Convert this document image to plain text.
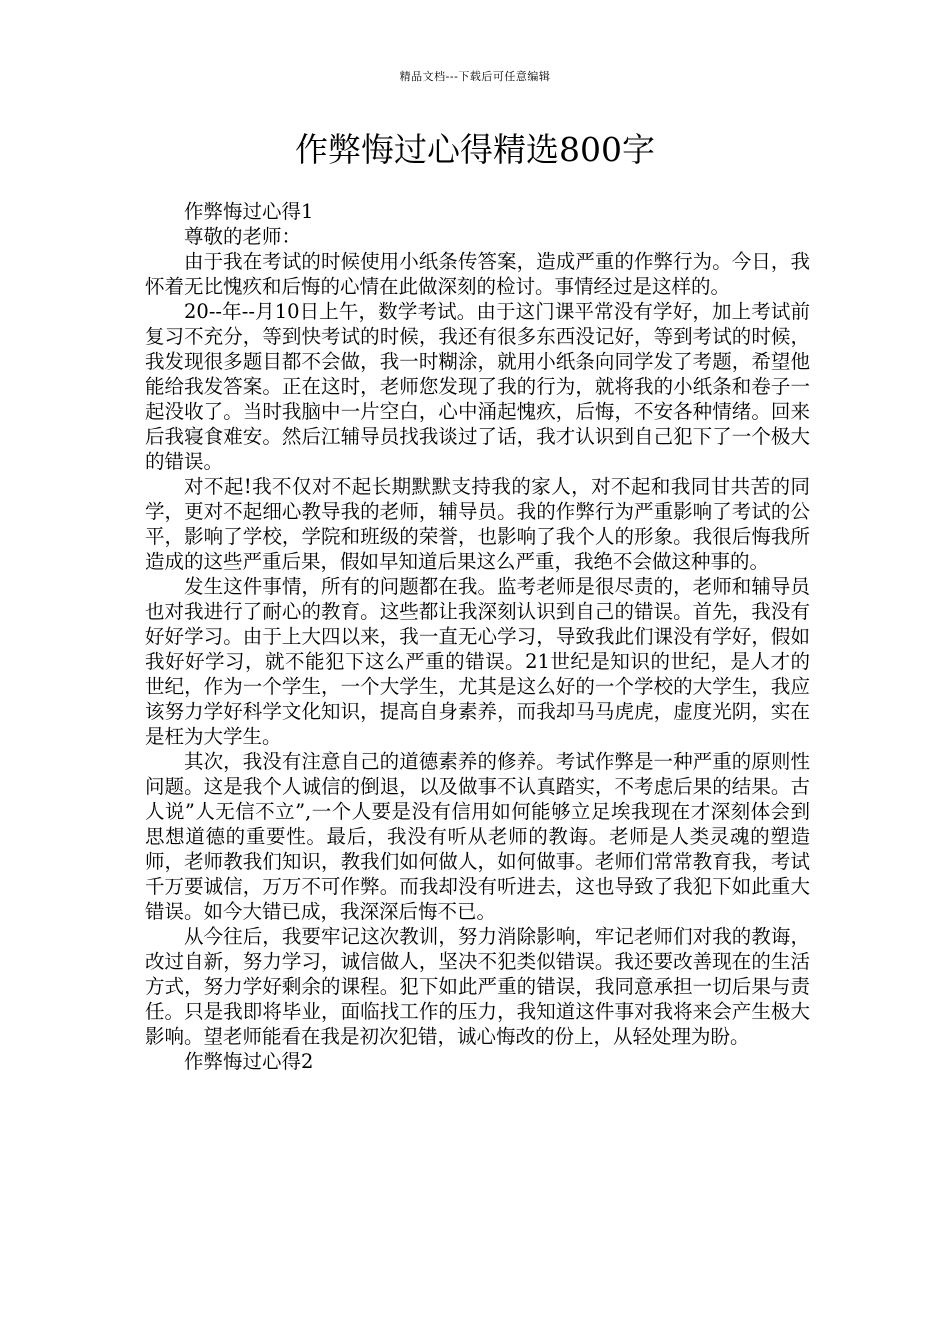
精品文档---下载后可任意编辑
作弊悔过心得精选800字

作弊悔过心得1

尊敬的老师：

由于我在考试的时候使用小纸条传答案，造成严重的作弊行为。今日，我怀着无比愧疚和后悔的心情在此做深刻的检讨。事情经过是这样的。

20--年--月10日上午，数学考试。由于这门课平常没有学好，加上考试前复习不充分，等到快考试的时候，我还有很多东西没记好，等到考试的时候，我发现很多题目都不会做，我一时糊涂，就用小纸条向同学发了考题，希望他能给我发答案。正在这时，老师您发现了我的行为，就将我的小纸条和卷子一起没收了。当时我脑中一片空白，心中涌起愧疚，后悔，不安各种情绪。回来后我寝食难安。然后江辅导员找我谈过了话，我才认识到自己犯下了一个极大的错误。

对不起!我不仅对不起长期默默支持我的家人，对不起和我同甘共苦的同学，更对不起细心教导我的老师，辅导员。我的作弊行为严重影响了考试的公平，影响了学校，学院和班级的荣誉，也影响了我个人的形象。我很后悔我所造成的这些严重后果，假如早知道后果这么严重，我绝不会做这种事的。

发生这件事情，所有的问题都在我。监考老师是很尽责的，老师和辅导员也对我进行了耐心的教育。这些都让我深刻认识到自己的错误。首先，我没有好好学习。由于上大四以来，我一直无心学习，导致我此们课没有学好，假如我好好学习，就不能犯下这么严重的错误。21世纪是知识的世纪，是人才的世纪，作为一个学生，一个大学生，尤其是这么好的一个学校的大学生，我应该努力学好科学文化知识，提高自身素养，而我却马马虎虎，虚度光阴，实在是枉为大学生。

其次，我没有注意自己的道德素养的修养。考试作弊是一种严重的原则性问题。这是我个人诚信的倒退，以及做事不认真踏实，不考虑后果的结果。古人说”人无信不立”,一个人要是没有信用如何能够立足埃我现在才深刻体会到思想道德的重要性。最后，我没有听从老师的教诲。老师是人类灵魂的塑造师，老师教我们知识，教我们如何做人，如何做事。老师们常常教育我，考试千万要诚信，万万不可作弊。而我却没有听进去，这也导致了我犯下如此重大错误。如今大错已成，我深深后悔不已。

从今往后，我要牢记这次教训，努力消除影响，牢记老师们对我的教诲，改过自新，努力学习，诚信做人，坚决不犯类似错误。我还要改善现在的生活方式，努力学好剩余的课程。犯下如此严重的错误，我同意承担一切后果与责任。只是我即将毕业，面临找工作的压力，我知道这件事对我将来会产生极大影响。望老师能看在我是初次犯错，诚心悔改的份上，从轻处理为盼。

作弊悔过心得2
